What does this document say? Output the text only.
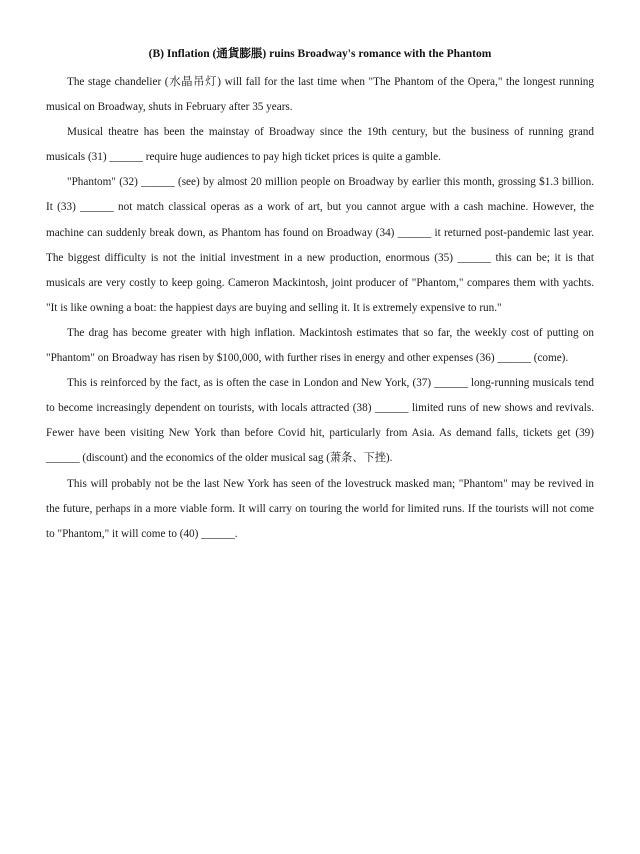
(B) Inflation (通貨膨脹) ruins Broadway's romance with the Phantom

The stage chandelier (水晶吊灯) will fall for the last time when "The Phantom of the Opera," the longest running musical on Broadway, shuts in February after 35 years.

Musical theatre has been the mainstay of Broadway since the 19th century, but the business of running grand musicals (31) ______ require huge audiences to pay high ticket prices is quite a gamble.

"Phantom" (32) ______ (see) by almost 20 million people on Broadway by earlier this month, grossing $1.3 billion. It (33) ______ not match classical operas as a work of art, but you cannot argue with a cash machine. However, the machine can suddenly break down, as Phantom has found on Broadway (34) ______ it returned post-pandemic last year. The biggest difficulty is not the initial investment in a new production, enormous (35) ______ this can be; it is that musicals are very costly to keep going. Cameron Mackintosh, joint producer of "Phantom," compares them with yachts. "It is like owning a boat: the happiest days are buying and selling it. It is extremely expensive to run."

The drag has become greater with high inflation. Mackintosh estimates that so far, the weekly cost of putting on "Phantom" on Broadway has risen by $100,000, with further rises in energy and other expenses (36) ______ (come).

This is reinforced by the fact, as is often the case in London and New York, (37) ______ long-running musicals tend to become increasingly dependent on tourists, with locals attracted (38) ______ limited runs of new shows and revivals. Fewer have been visiting New York than before Covid hit, particularly from Asia. As demand falls, tickets get (39) ______ (discount) and the economics of the older musical sag (萧条、下挫).

This will probably not be the last New York has seen of the lovestruck masked man; "Phantom" may be revived in the future, perhaps in a more viable form. It will carry on touring the world for limited runs. If the tourists will not come to "Phantom," it will come to (40) ______.
